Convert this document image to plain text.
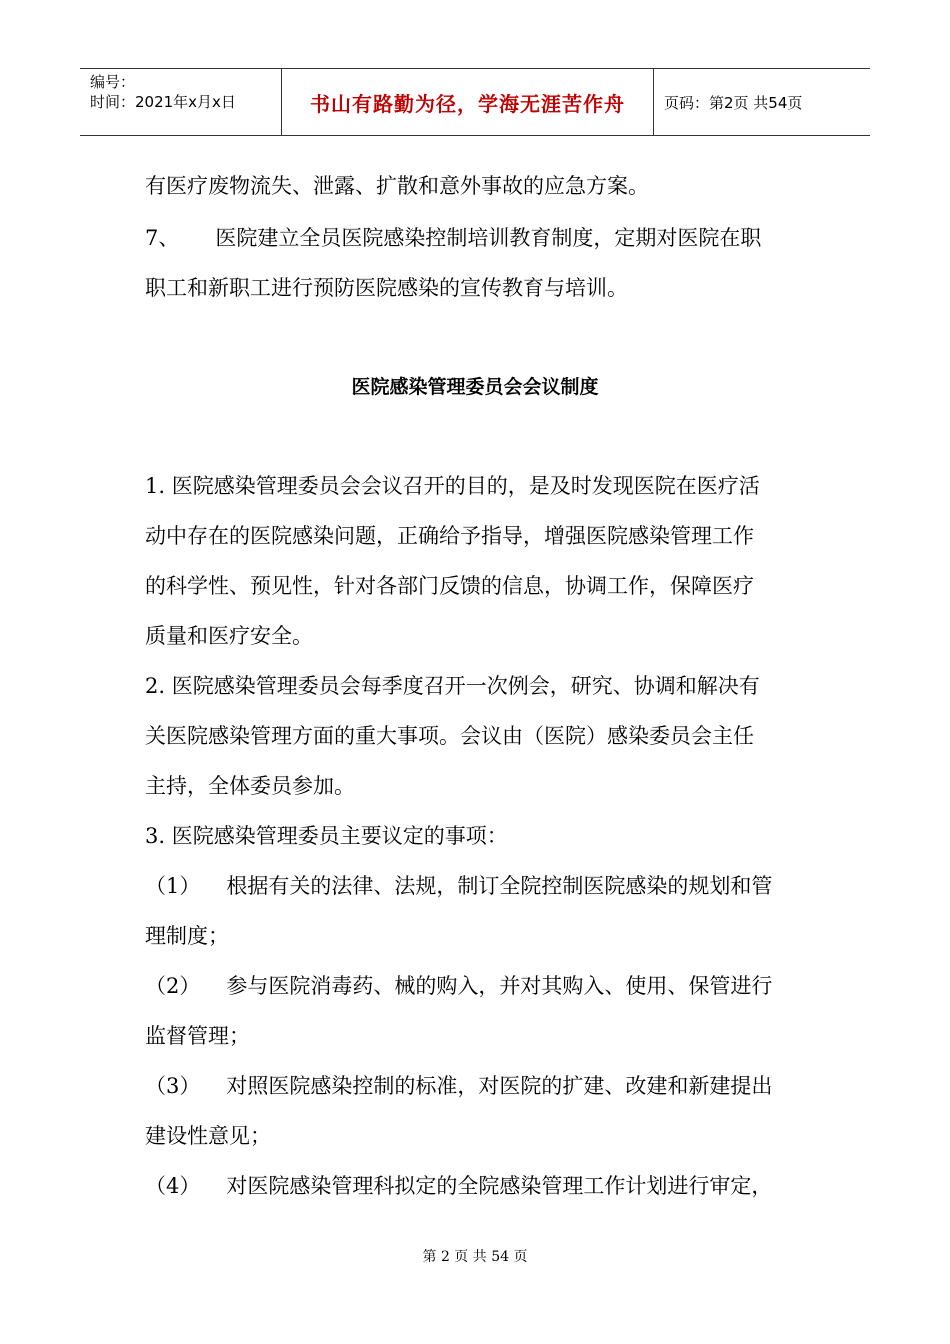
编号：
时间：2021年x月x日	书山有路勤为径，学海无涯苦作舟	页码：第2页 共54页
有医疗废物流失、泄露、扩散和意外事故的应急方案。
7、 医院建立全员医院感染控制培训教育制度，定期对医院在职
职工和新职工进行预防医院感染的宣传教育与培训。
1. 医院感染管理委员会会议召开的目的，是及时发现医院在医疗活
动中存在的医院感染问题，正确给予指导，增强医院感染管理工作
的科学性、预见性，针对各部门反馈的信息，协调工作，保障医疗
质量和医疗安全。
2. 医院感染管理委员会每季度召开一次例会，研究、协调和解决有
关医院感染管理方面的重大事项。会议由（医院）感染委员会主任
主持，全体委员参加。
3. 医院感染管理委员主要议定的事项：
（1） 根据有关的法律、法规，制订全院控制医院感染的规划和管
理制度；
（2） 参与医院消毒药、械的购入，并对其购入、使用、保管进行
监督管理；
（3） 对照医院感染控制的标准，对医院的扩建、改建和新建提出
建设性意见；
（4） 对医院感染管理科拟定的全院感染管理工作计划进行审定，
医院感染管理委员会会议制度
第 2 页 共 54 页
